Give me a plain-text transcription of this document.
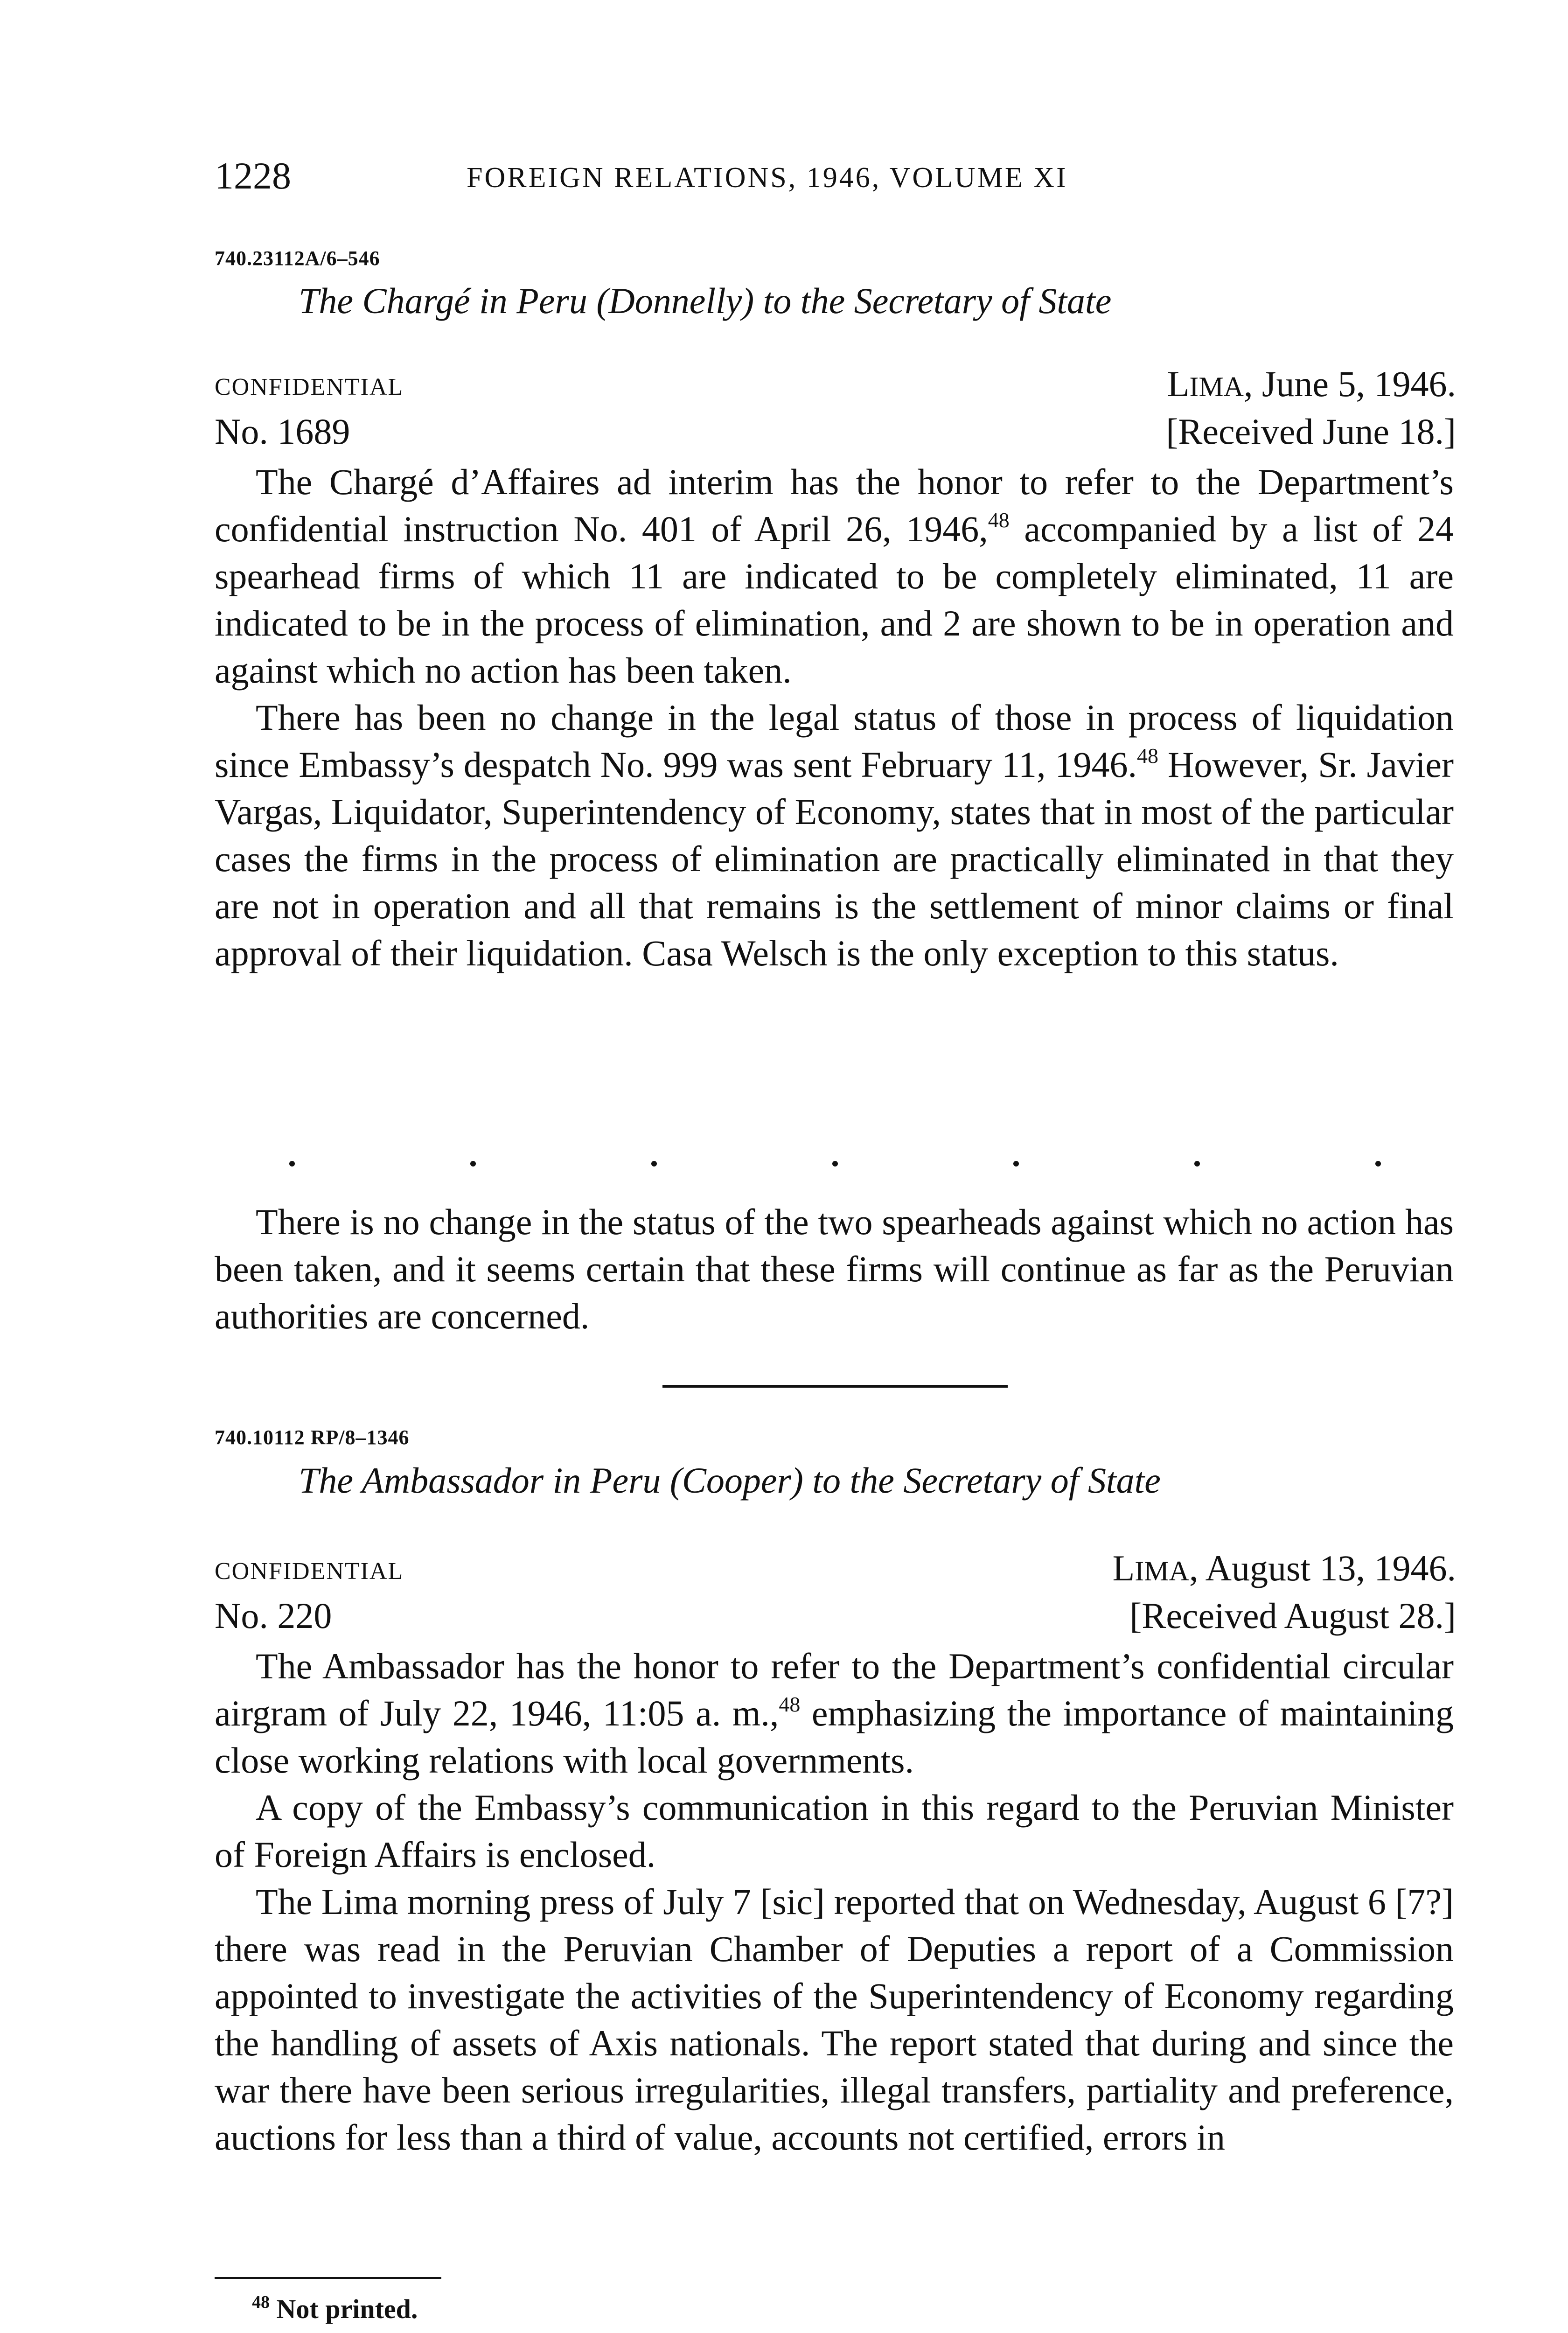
1228	FOREIGN RELATIONS, 1946, VOLUME XI
740.23112A/6–546
The Chargé in Peru (Donnelly) to the Secretary of State
CONFIDENTIAL	LIMA, June 5, 1946.
No. 1689	[Received June 18.]

The Chargé d’Affaires ad interim has the honor to refer to the Department’s confidential instruction No. 401 of April 26, 1946,48 accompanied by a list of 24 spearhead firms of which 11 are indicated to be completely eliminated, 11 are indicated to be in the process of elimination, and 2 are shown to be in operation and against which no action has been taken.

There has been no change in the legal status of those in process of liquidation since Embassy’s despatch No. 999 was sent February 11, 1946.48 However, Sr. Javier Vargas, Liquidator, Superintendency of Economy, states that in most of the particular cases the firms in the process of elimination are practically eliminated in that they are not in operation and all that remains is the settlement of minor claims or final approval of their liquidation. Casa Welsch is the only exception to this status.

There is no change in the status of the two spearheads against which no action has been taken, and it seems certain that these firms will continue as far as the Peruvian authorities are concerned.

740.10112 RP/8–1346
The Ambassador in Peru (Cooper) to the Secretary of State
CONFIDENTIAL	LIMA, August 13, 1946.
No. 220	[Received August 28.]

The Ambassador has the honor to refer to the Department’s confidential circular airgram of July 22, 1946, 11:05 a. m.,$^{48}$ emphasizing the importance of maintaining close working relations with local governments.

A copy of the Embassy’s communication in this regard to the Peruvian Minister of Foreign Affairs is enclosed.

The Lima morning press of July 7 [sic] reported that on Wednesday, August 6 [7?] there was read in the Peruvian Chamber of Deputies a report of a Commission appointed to investigate the activities of the Superintendency of Economy regarding the handling of assets of Axis nationals. The report stated that during and since the war there have been serious irregularities, illegal transfers, partiality and preference, auctions for less than a third of value, accounts not certified, errors in

$^{48}$ Not printed.
